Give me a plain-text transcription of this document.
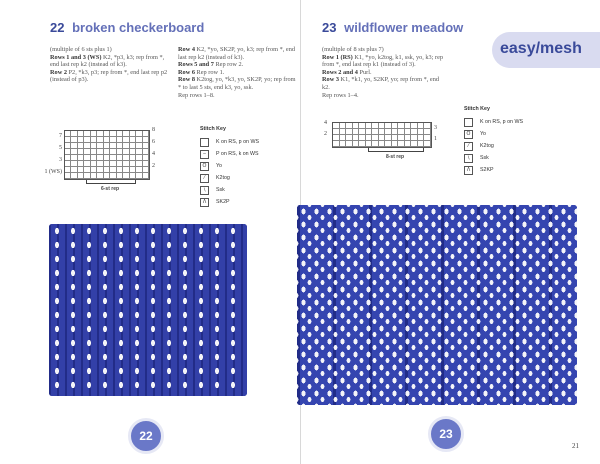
22 broken checkerboard

(multiple of 6 sts plus 1)

Rows 1 and 3 (WS) K2, *p3, k3; rep from *, end last rep k2 (instead of k3).

Row 2 P2, *k3, p3; rep from *, end last rep p2 (instead of p3).

Row 4 K2, *yo, SK2P, yo, k3; rep from *, end last rep k2 (instead of k3).

Rows 5 and 7 Rep row 2.

Row 6 Rep row 1.

Row 8 K2tog, yo, *k3, yo, SK2P, yo; rep from * to last 5 sts, end k3, yo, ssk.

Rep rows 1–8.

7
5
3
1 (WS)
8
6
4
2
6-st rep
Stitch Key
K on RS, p on WS
–	P on RS, k on WS
O	Yo
⁄	K2tog
∖	Ssk
Λ	SK2P
22
23 wildflower meadow
easy/mesh

(multiple of 8 sts plus 7)

Row 1 (RS) K1, *yo, k2tog, k1, ssk, yo, k3; rep from *, end last rep k1 (instead of 3).

Rows 2 and 4 Purl.

Row 3 K1, *k1, yo, S2KP, yo; rep from *, end k2.

Rep rows 1–4.

4
2
3
1
8-st rep
Stitch Key
K on RS, p on WS
O	Yo
⁄	K2tog
∖	Ssk
Λ	S2KP
23
21
